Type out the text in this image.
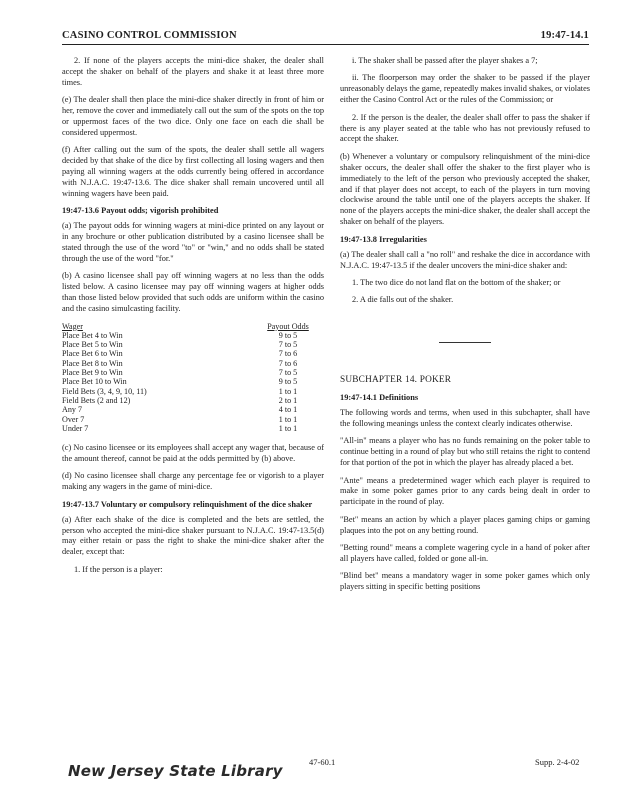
CASINO CONTROL COMMISSION	19:47-14.1

2. If none of the players accepts the mini-dice shaker, the dealer shall accept the shaker on behalf of the players and shake it at least three more times.

(e) The dealer shall then place the mini-dice shaker directly in front of him or her, remove the cover and immediately call out the sum of the spots on the top or uppermost faces of the two dice. Only one face on each die shall be considered uppermost.

(f) After calling out the sum of the spots, the dealer shall settle all wagers decided by that shake of the dice by first collecting all losing wagers and then paying all winning wagers at the odds currently being offered in accordance with N.J.A.C. 19:47-13.6. The dice shaker shall remain uncovered until all winning wagers have been paid.

19:47-13.6 Payout odds; vigorish prohibited

(a) The payout odds for winning wagers at mini-dice printed on any layout or in any brochure or other publication distributed by a casino licensee shall be stated through the use of the word "to" or "win," and no odds shall be stated through the use of the word "for."

(b) A casino licensee shall pay off winning wagers at no less than the odds listed below. A casino licensee may pay off winning wagers at higher odds than those listed below provided that such odds are uniform within the casino and the casino simulcasting facility.

Wager	Payout Odds
Place Bet 4 to Win	9 to 5
Place Bet 5 to Win	7 to 5
Place Bet 6 to Win	7 to 6
Place Bet 8 to Win	7 to 6
Place Bet 9 to Win	7 to 5
Place Bet 10 to Win	9 to 5
Field Bets (3, 4, 9, 10, 11)	1 to 1
Field Bets (2 and 12)	2 to 1
Any 7	4 to 1
Over 7	1 to 1
Under 7	1 to 1

(c) No casino licensee or its employees shall accept any wager that, because of the amount thereof, cannot be paid at the odds permitted by (b) above.

(d) No casino licensee shall charge any percentage fee or vigorish to a player making any wagers in the game of mini-dice.

19:47-13.7 Voluntary or compulsory relinquishment of the dice shaker

(a) After each shake of the dice is completed and the bets are settled, the person who accepted the mini-dice shaker pursuant to N.J.A.C. 19:47-13.5(d) may either retain or pass the right to shake the mini-dice shaker after the dealer, except that:

1. If the person is a player:

i. The shaker shall be passed after the player shakes a 7;

ii. The floorperson may order the shaker to be passed if the player unreasonably delays the game, repeatedly makes invalid shakes, or violates either the Casino Control Act or the rules of the Commission; or

2. If the person is the dealer, the dealer shall offer to pass the shaker if there is any player seated at the table who has not previously refused to accept the shaker.

(b) Whenever a voluntary or compulsory relinquishment of the mini-dice shaker occurs, the dealer shall offer the shaker to the first player who is immediately to the left of the person who previously accepted the shaker, and if that player does not accept, to each of the players in turn moving clockwise around the table until one of the players accepts the shaker. If none of the players accepts the mini-dice shaker, the dealer shall accept the shaker on behalf of the players.

19:47-13.8 Irregularities

(a) The dealer shall call a "no roll" and reshake the dice in accordance with N.J.A.C. 19:47-13.5 if the dealer uncovers the mini-dice shaker and:

1. The two dice do not land flat on the bottom of the shaker; or

2. A die falls out of the shaker.

SUBCHAPTER 14. POKER
19:47-14.1 Definitions

The following words and terms, when used in this subchapter, shall have the following meanings unless the context clearly indicates otherwise.

"All-in" means a player who has no funds remaining on the poker table to continue betting in a round of play but who still retains the right to contend for that portion of the pot in which the player has already placed a bet.

"Ante" means a predetermined wager which each player is required to make in some poker games prior to any cards being dealt in order to participate in the round of play.

"Bet" means an action by which a player places gaming chips or gaming plaques into the pot on any betting round.

"Betting round" means a complete wagering cycle in a hand of poker after all players have called, folded or gone all-in.

"Blind bet" means a mandatory wager in some poker games which only players sitting in specific betting positions

New Jersey State Library	47-60.1	Supp. 2-4-02
